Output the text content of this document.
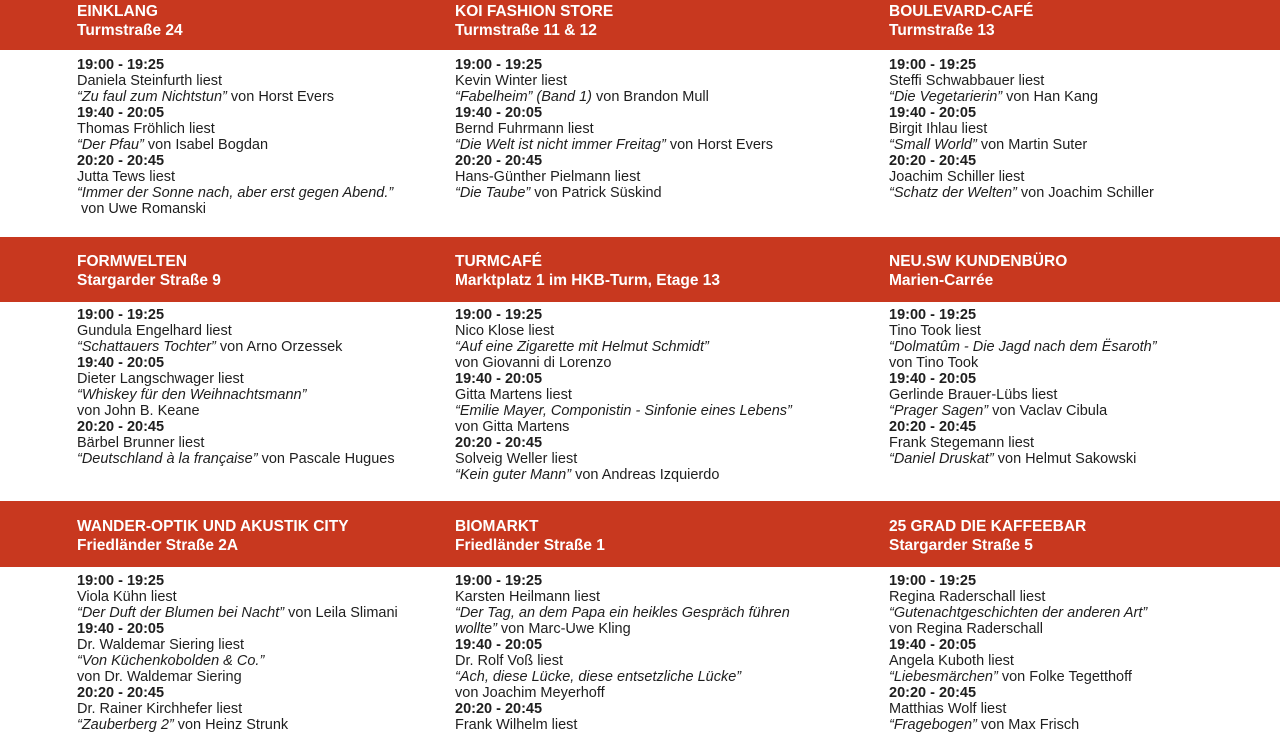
EINKLANG
Turmstraße 24
19:00 - 19:25
Daniela Steinfurth liest
“Zu faul zum Nichtstun” von Horst Evers
19:40 - 20:05
Thomas Fröhlich liest
“Der Pfau” von Isabel Bogdan
20:20 - 20:45
Jutta Tews liest
“Immer der Sonne nach, aber erst gegen Abend.” von Uwe Romanski
KOI FASHION STORE
Turmstraße 11 & 12
19:00 - 19:25
Kevin Winter liest
“Fabelheim” (Band 1) von Brandon Mull
19:40 - 20:05
Bernd Fuhrmann liest
“Die Welt ist nicht immer Freitag” von Horst Evers
20:20 - 20:45
Hans-Günther Pielmann liest
“Die Taube” von Patrick Süskind
BOULEVARD-CAFÉ
Turmstraße 13
19:00 - 19:25
Steffi Schwabbauer liest
“Die Vegetarierin” von Han Kang
19:40 - 20:05
Birgit Ihlau liest
“Small World” von Martin Suter
20:20 - 20:45
Joachim Schiller liest
“Schatz der Welten” von Joachim Schiller
FORMWELTEN
Stargarder Straße 9
19:00 - 19:25
Gundula Engelhard liest
“Schattauers Tochter” von Arno Orzessek
19:40 - 20:05
Dieter Langschwager liest
“Whiskey für den Weihnachtsmann”
von John B. Keane
20:20 - 20:45
Bärbel Brunner liest
“Deutschland à la française” von Pascale Hugues
TURMCAFÉ
Marktplatz 1 im HKB-Turm, Etage 13
19:00 - 19:25
Nico Klose liest
“Auf eine Zigarette mit Helmut Schmidt”
von Giovanni di Lorenzo
19:40 - 20:05
Gitta Martens liest
“Emilie Mayer, Componistin - Sinfonie eines Lebens”
von Gitta Martens
20:20 - 20:45
Solveig Weller liest
“Kein guter Mann” von Andreas Izquierdo
NEU.SW KUNDENBÜRO
Marien-Carrée
19:00 - 19:25
Tino Took liest
“Dolmatûm - Die Jagd nach dem Ësaroth”
von Tino Took
19:40 - 20:05
Gerlinde Brauer-Lübs liest
“Prager Sagen” von Vaclav Cibula
20:20 - 20:45
Frank Stegemann liest
“Daniel Druskat” von Helmut Sakowski
WANDER-OPTIK UND AKUSTIK CITY
Friedländer Straße 2A
19:00 - 19:25
Viola Kühn liest
“Der Duft der Blumen bei Nacht” von Leila Slimani
19:40 - 20:05
Dr. Waldemar Siering liest
“Von Küchenkobolden & Co.”
von Dr. Waldemar Siering
20:20 - 20:45
Dr. Rainer Kirchhefer liest
“Zauberberg 2” von Heinz Strunk
BIOMARKT
Friedländer Straße 1
19:00 - 19:25
Karsten Heilmann liest
“Der Tag, an dem Papa ein heikles Gespräch führen wollte” von Marc-Uwe Kling
19:40 - 20:05
Dr. Rolf Voß liest
“Ach, diese Lücke, diese entsetzliche Lücke”
von Joachim Meyerhoff
20:20 - 20:45
Frank Wilhelm liest
25 GRAD DIE KAFFEEBAR
Stargarder Straße 5
19:00 - 19:25
Regina Raderschall liest
“Gutenachtgeschichten der anderen Art”
von Regina Raderschall
19:40 - 20:05
Angela Kuboth liest
“Liebesmärchen” von Folke Tegetthoff
20:20 - 20:45
Matthias Wolf liest
“Fragebogen” von Max Frisch
